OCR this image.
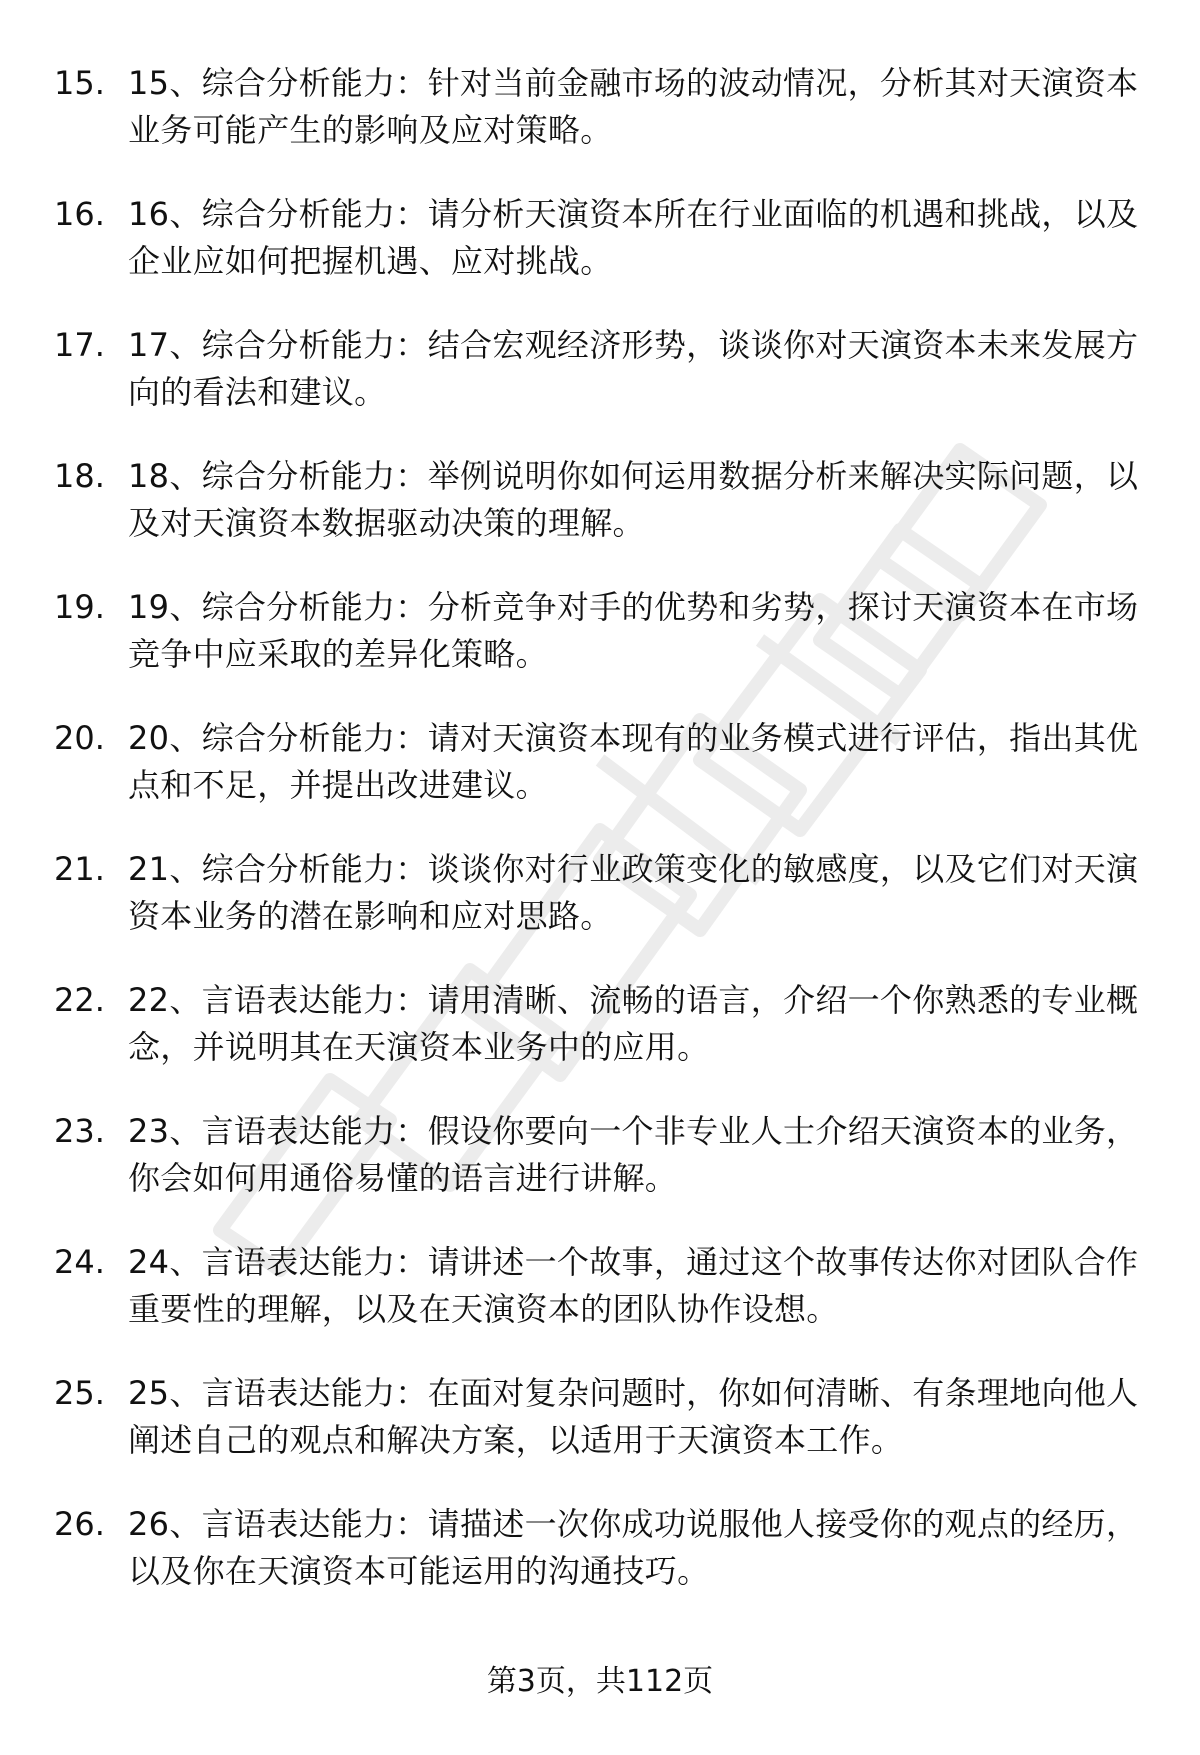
15. 15、综合分析能力：针对当前金融市场的波动情况，分析其对天演资本业务可能产生的影响及应对策略。
16. 16、综合分析能力：请分析天演资本所在行业面临的机遇和挑战，以及企业应如何把握机遇、应对挑战。
17. 17、综合分析能力：结合宏观经济形势，谈谈你对天演资本未来发展方向的看法和建议。
18. 18、综合分析能力：举例说明你如何运用数据分析来解决实际问题，以及对天演资本数据驱动决策的理解。
19. 19、综合分析能力：分析竞争对手的优势和劣势，探讨天演资本在市场竞争中应采取的差异化策略。
20. 20、综合分析能力：请对天演资本现有的业务模式进行评估，指出其优点和不足，并提出改进建议。
21. 21、综合分析能力：谈谈你对行业政策变化的敏感度，以及它们对天演资本业务的潜在影响和应对思路。
22. 22、言语表达能力：请用清晰、流畅的语言，介绍一个你熟悉的专业概念，并说明其在天演资本业务中的应用。
23. 23、言语表达能力：假设你要向一个非专业人士介绍天演资本的业务，你会如何用通俗易懂的语言进行讲解。
24. 24、言语表达能力：请讲述一个故事，通过这个故事传达你对团队合作重要性的理解，以及在天演资本的团队协作设想。
25. 25、言语表达能力：在面对复杂问题时，你如何清晰、有条理地向他人阐述自己的观点和解决方案，以适用于天演资本工作。
26. 26、言语表达能力：请描述一次你成功说服他人接受你的观点的经历，以及你在天演资本可能运用的沟通技巧。
第3页，共112页
